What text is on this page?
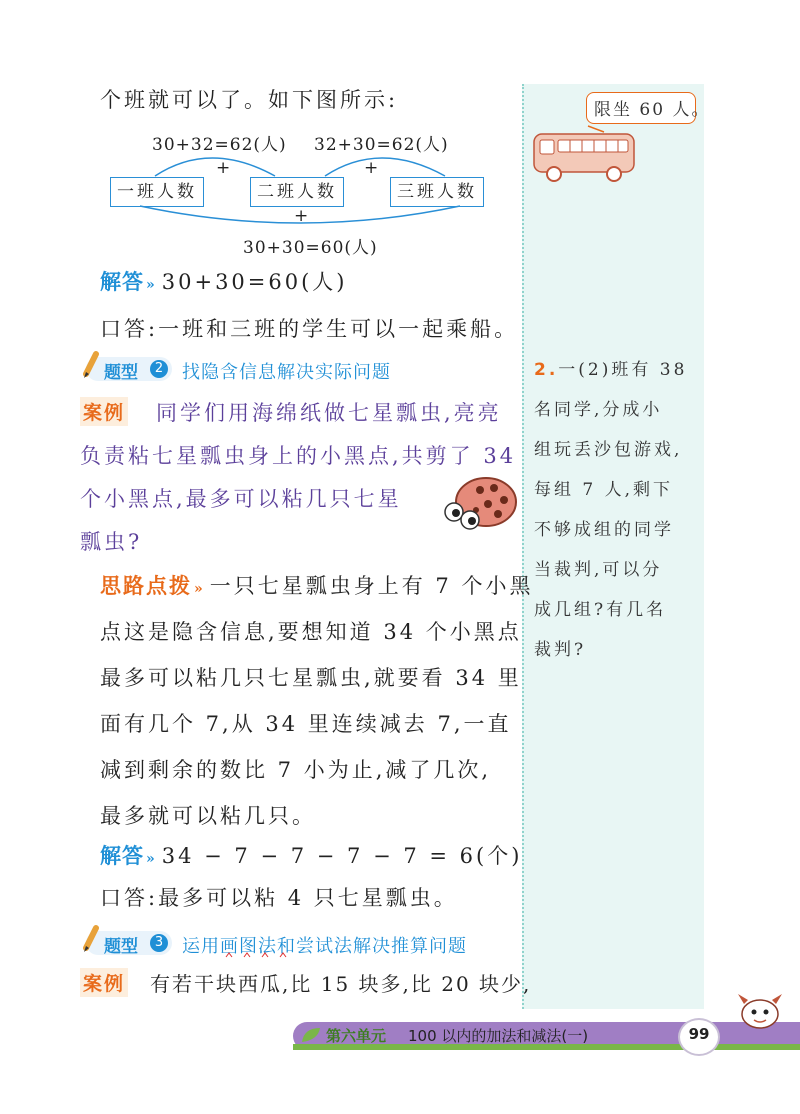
限坐 60 人。
2.一(2)班有 38
名同学,分成小
组玩丢沙包游戏,
每组 7 人,剩下
不够成组的同学
当裁判,可以分
成几组?有几名
裁判?
个班就可以了。如下图所示:
30+32=62(人) 32+30=62(人)
+	+
一班人数	二班人数	三班人数
+
30+30=60(人)
解答 » 30+30=60(人)
口答:一班和三班的学生可以一起乘船。
题型	2 找隐含信息解决实际问题
案例 同学们用海绵纸做七星瓢虫,亮亮
负责粘七星瓢虫身上的小黑点,共剪了 34
个小黑点,最多可以粘几只七星
瓢虫?
思路点拨 » 一只七星瓢虫身上有 7 个小黑
点这是隐含信息,要想知道 34 个小黑点
最多可以粘几只七星瓢虫,就要看 34 里
面有几个 7,从 34 里连续减去 7,一直
减到剩余的数比 7 小为止,减了几次,
最多就可以粘几只。
解答 » 34 − 7 − 7 − 7 − 7 = 6(个)
口答:最多可以粘 4 只七星瓢虫。
题型	3 运用画图法和尝试法解决推算问题
案例 有若干块西瓜,比 15 块多,比 20 块少,
第六单元 100 以内的加法和减法(一)	99
